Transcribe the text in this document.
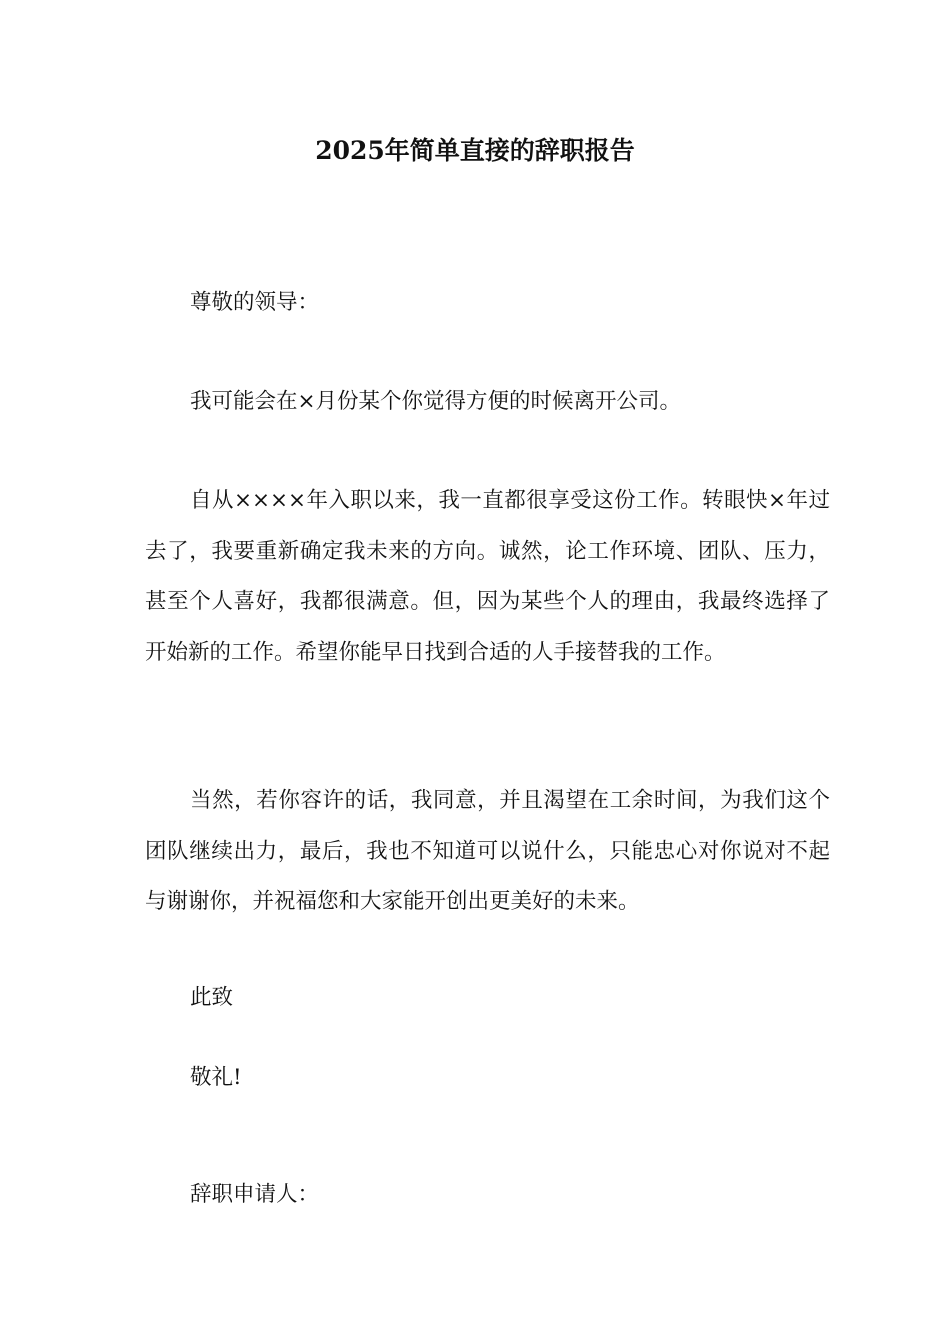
2025年简单直接的辞职报告
尊敬的领导：
我可能会在×月份某个你觉得方便的时候离开公司。
自从××××年入职以来，我一直都很享受这份工作。转眼快×年过去了，我要重新确定我未来的方向。诚然，论工作环境、团队、压力，甚至个人喜好，我都很满意。但，因为某些个人的理由，我最终选择了开始新的工作。希望你能早日找到合适的人手接替我的工作。
当然，若你容许的话，我同意，并且渴望在工余时间，为我们这个团队继续出力，最后，我也不知道可以说什么，只能忠心对你说对不起与谢谢你，并祝福您和大家能开创出更美好的未来。
此致
敬礼!
辞职申请人：
